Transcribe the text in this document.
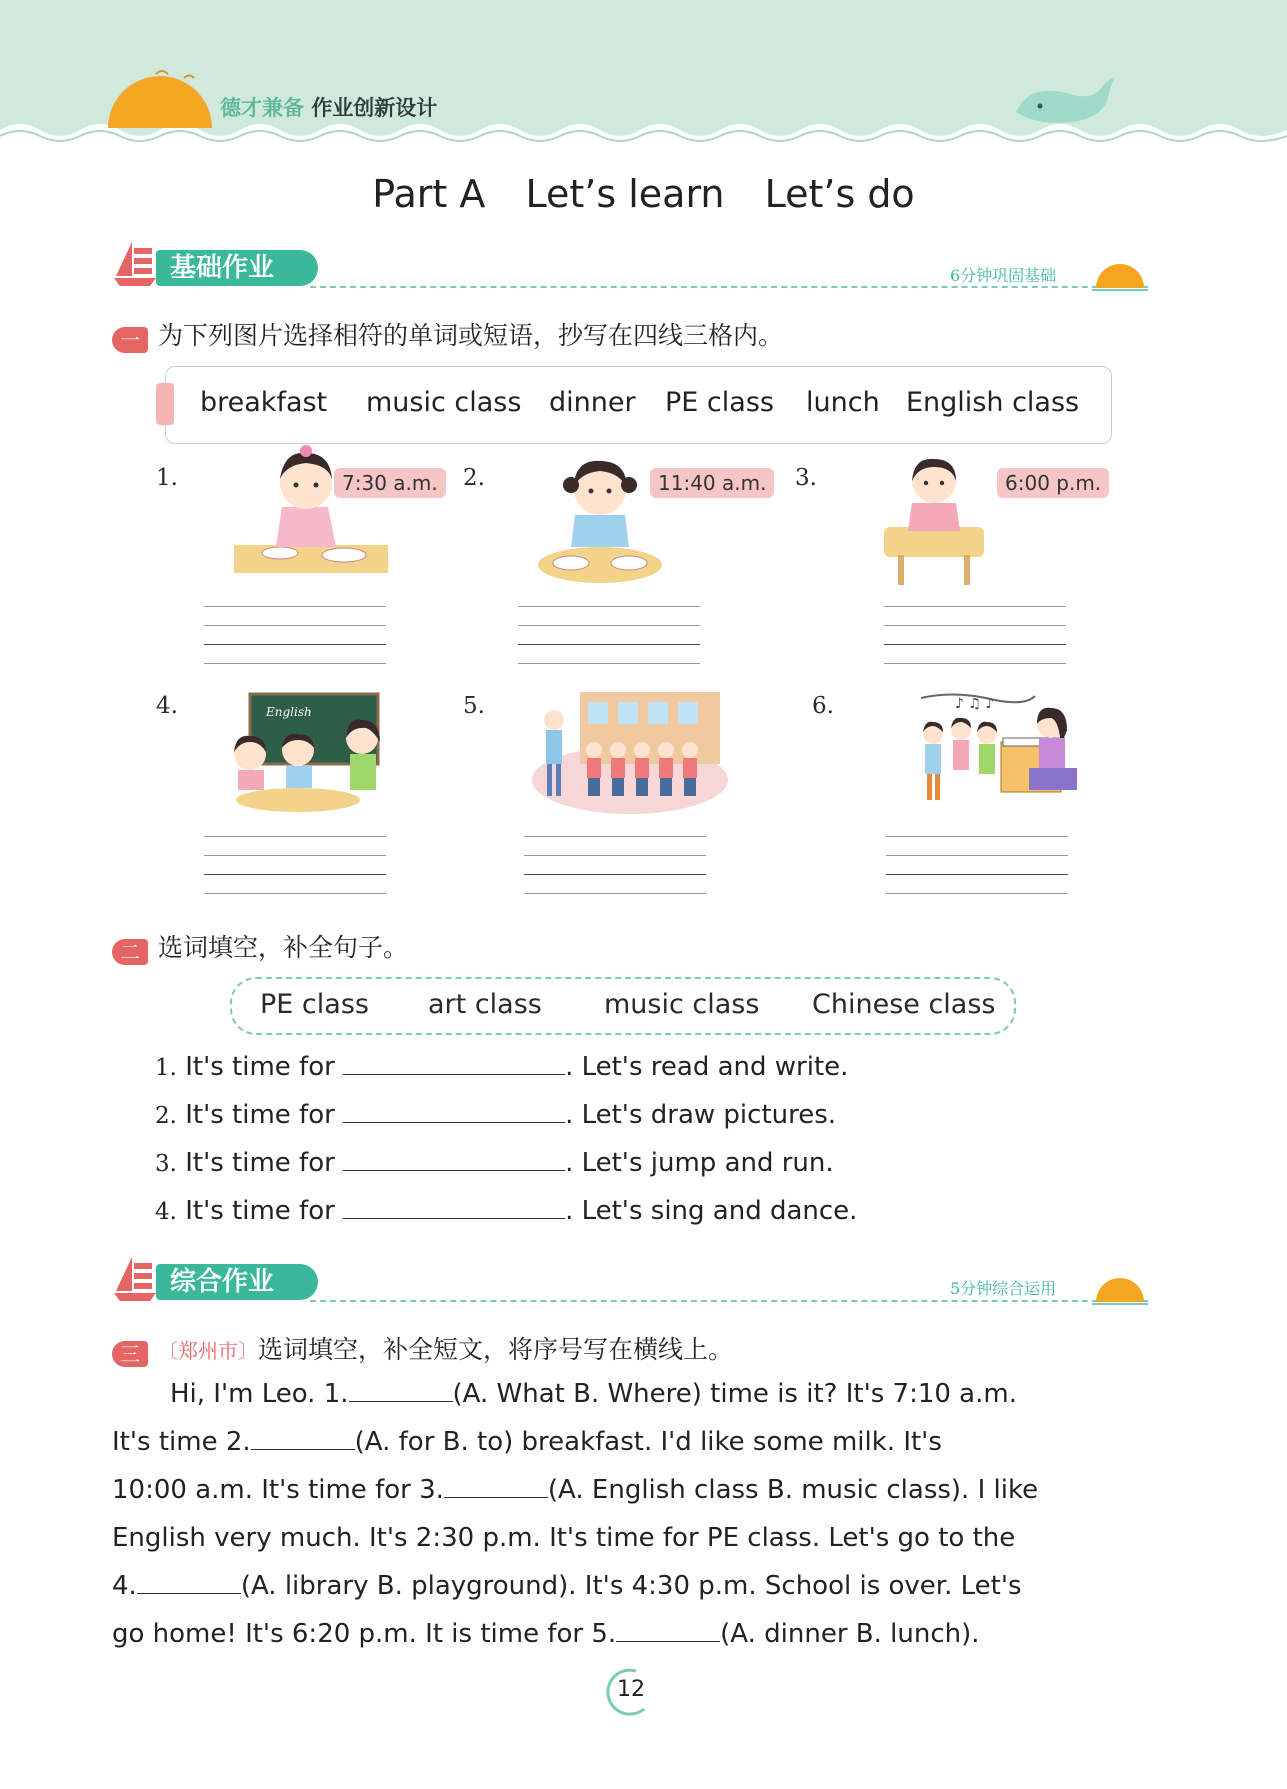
德才兼备 作业创新设计
Part A Let’s learn Let’s do
基础作业	6分钟巩固基础
一 为下列图片选择相符的单词或短语，抄写在四线三格内。
breakfast music class dinner PE class lunch English class
1.	2.	3.
7:30 a.m.	11:40 a.m.	6:00 p.m.
4.	5.	6.
English	♪ ♫ ♪
二 选词填空，补全句子。
PE class art class music class Chinese class
1. It's time for	. Let's read and write.
2. It's time for	. Let's draw pictures.
3. It's time for	. Let's jump and run.
4. It's time for	. Let's sing and dance.
综合作业	5分钟综合运用
三 〔郑州市〕选词填空，补全短文，将序号写在横线上。
Hi, I'm Leo. 1.	(A. What B. Where) time is it? It's 7:10 a.m.
It's time 2.	(A. for B. to) breakfast. I'd like some milk. It's
10:00 a.m. It's time for 3.	(A. English class B. music class). I like
English very much. It's 2:30 p.m. It's time for PE class. Let's go to the
4.	(A. library B. playground). It's 4:30 p.m. School is over. Let's
go home! It's 6:20 p.m. It is time for 5.	(A. dinner B. lunch).
12
